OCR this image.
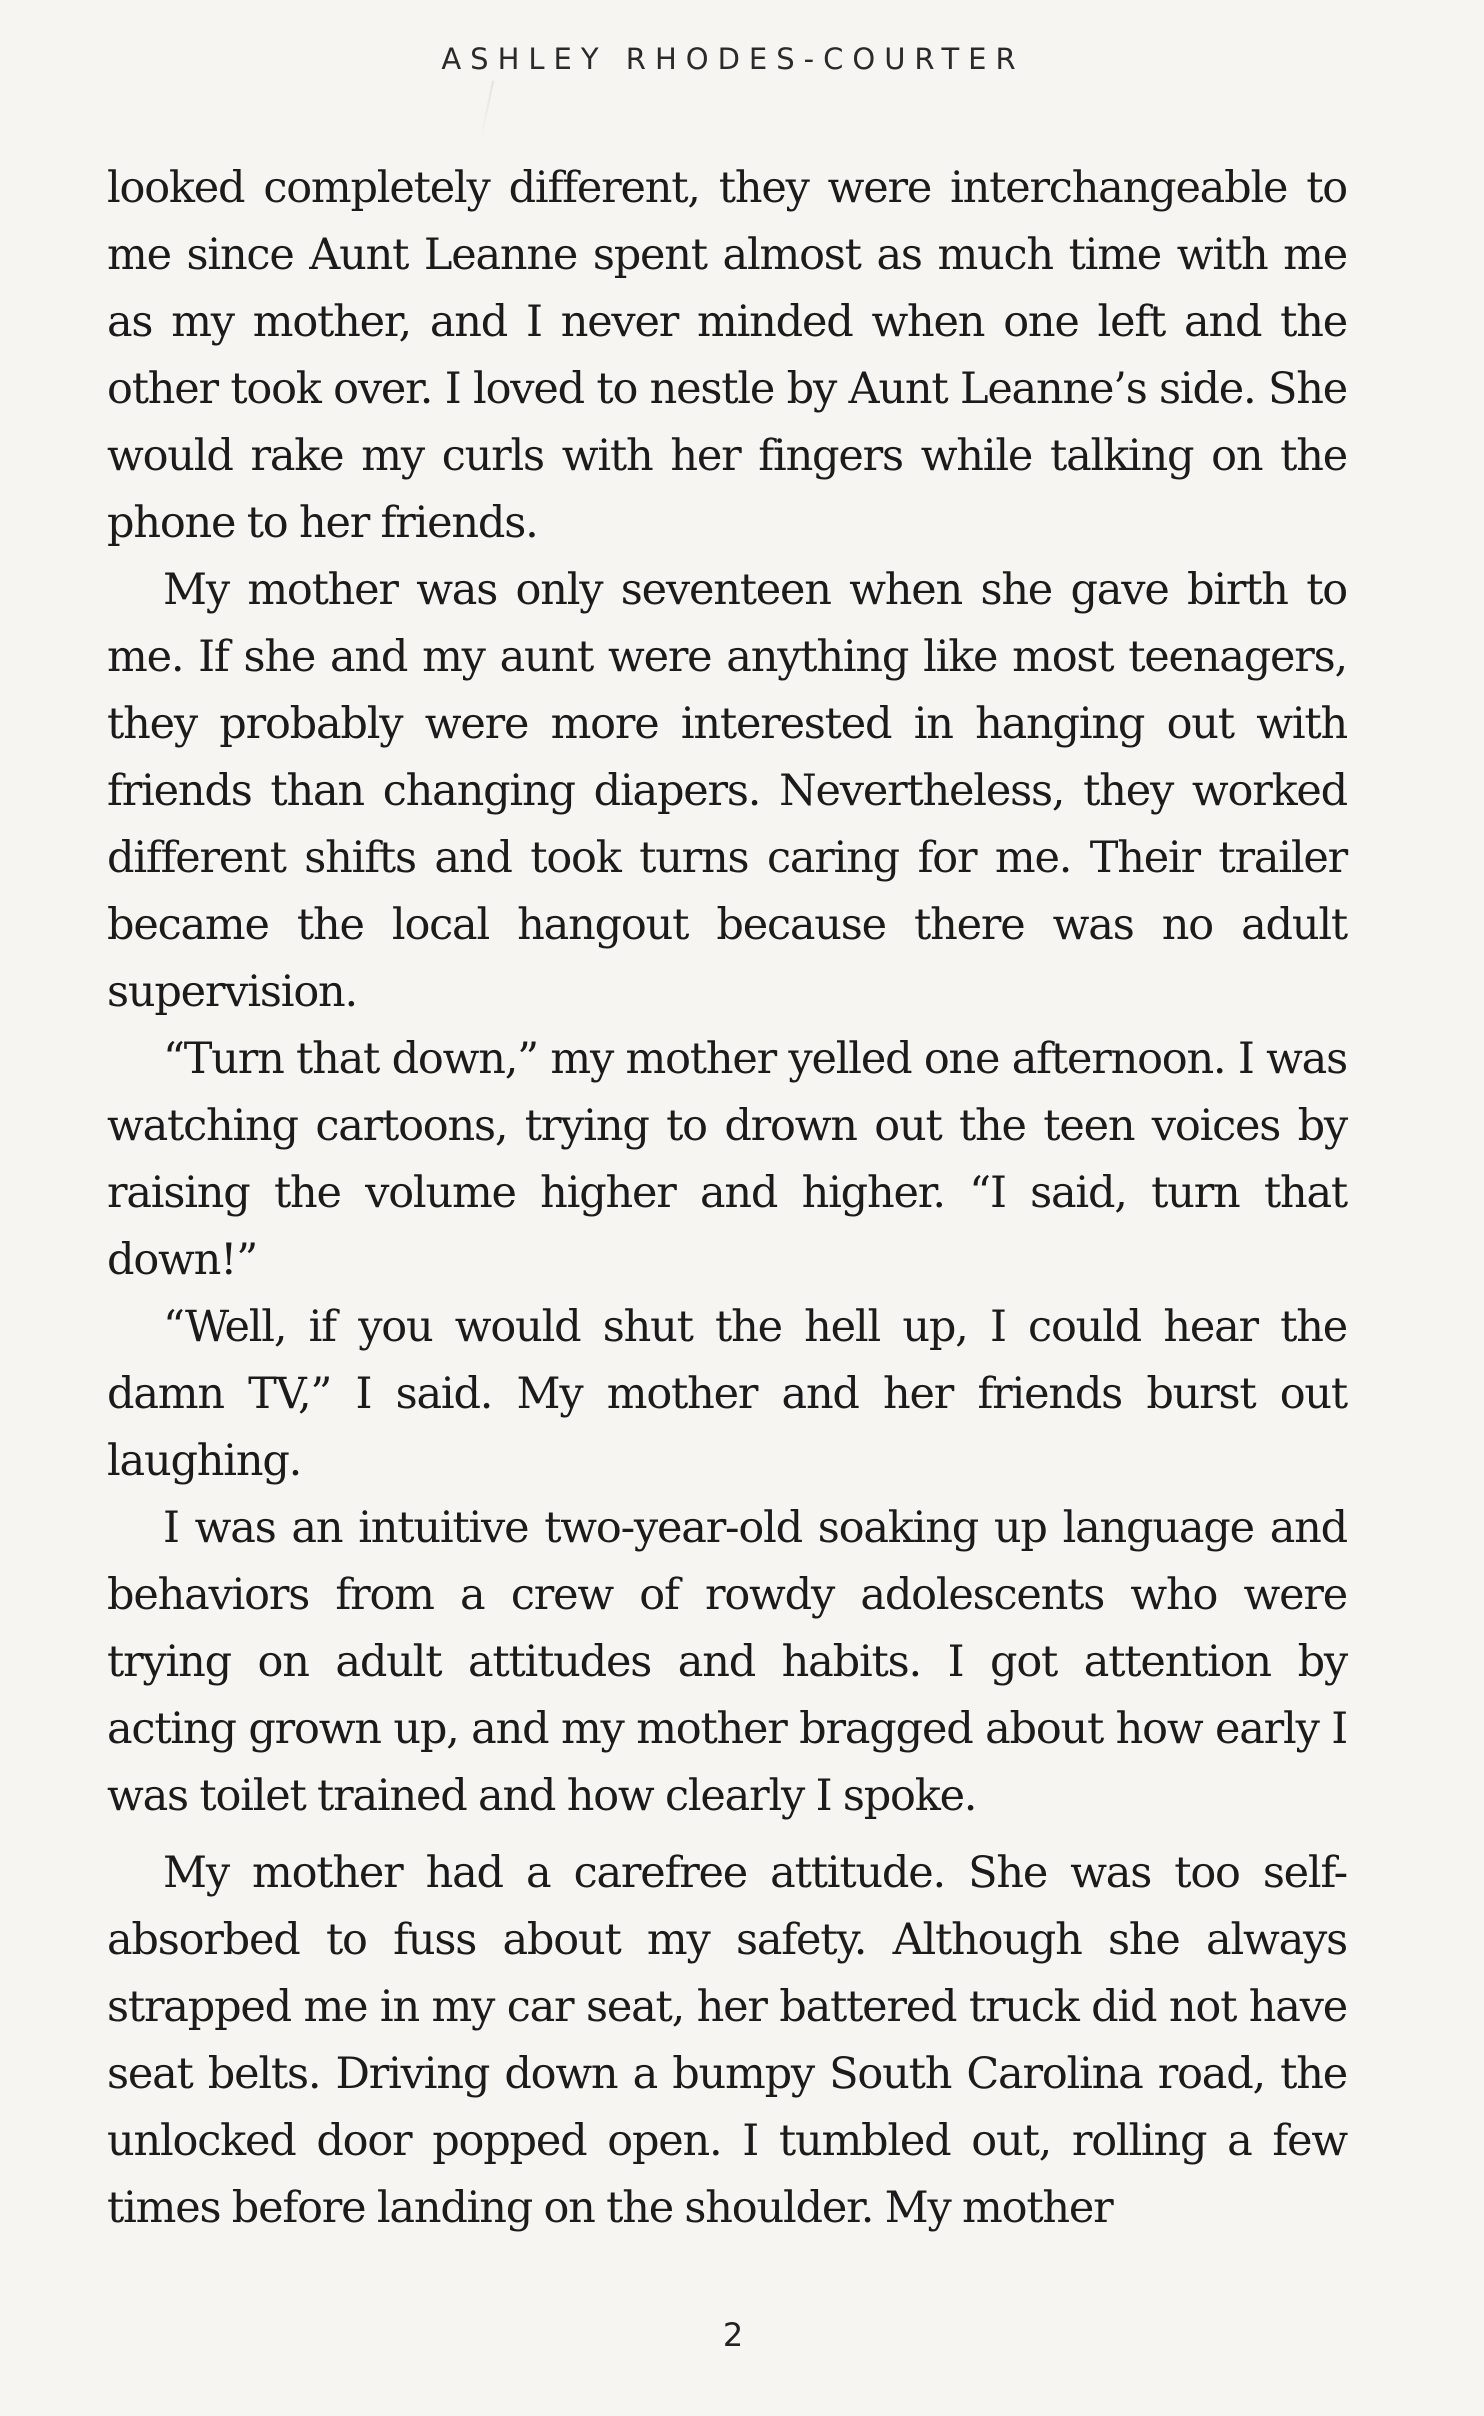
ASHLEY RHODES-COURTER

looked completely different, they were interchangeable to me since Aunt Leanne spent almost as much time with me as my mother, and I never minded when one left and the other took over. I loved to nestle by Aunt Leanne’s side. She would rake my curls with her fingers while talking on the phone to her friends.

My mother was only seventeen when she gave birth to me. If she and my aunt were anything like most teenagers, they probably were more interested in hanging out with friends than changing diapers. Nevertheless, they worked different shifts and took turns caring for me. Their trailer became the local hangout because there was no adult supervision.

“Turn that down,” my mother yelled one afternoon. I was watching cartoons, trying to drown out the teen voices by raising the volume higher and higher. “I said, turn that down!”

“Well, if you would shut the hell up, I could hear the damn TV,” I said. My mother and her friends burst out laughing.

I was an intuitive two-year-old soaking up language and behaviors from a crew of rowdy adolescents who were trying on adult attitudes and habits. I got attention by acting grown up, and my mother bragged about how early I was toilet trained and how clearly I spoke.

My mother had a carefree attitude. She was too self-absorbed to fuss about my safety. Although she always strapped me in my car seat, her battered truck did not have seat belts. Driving down a bumpy South Carolina road, the unlocked door popped open. I tumbled out, rolling a few times before landing on the shoulder. My mother

2
